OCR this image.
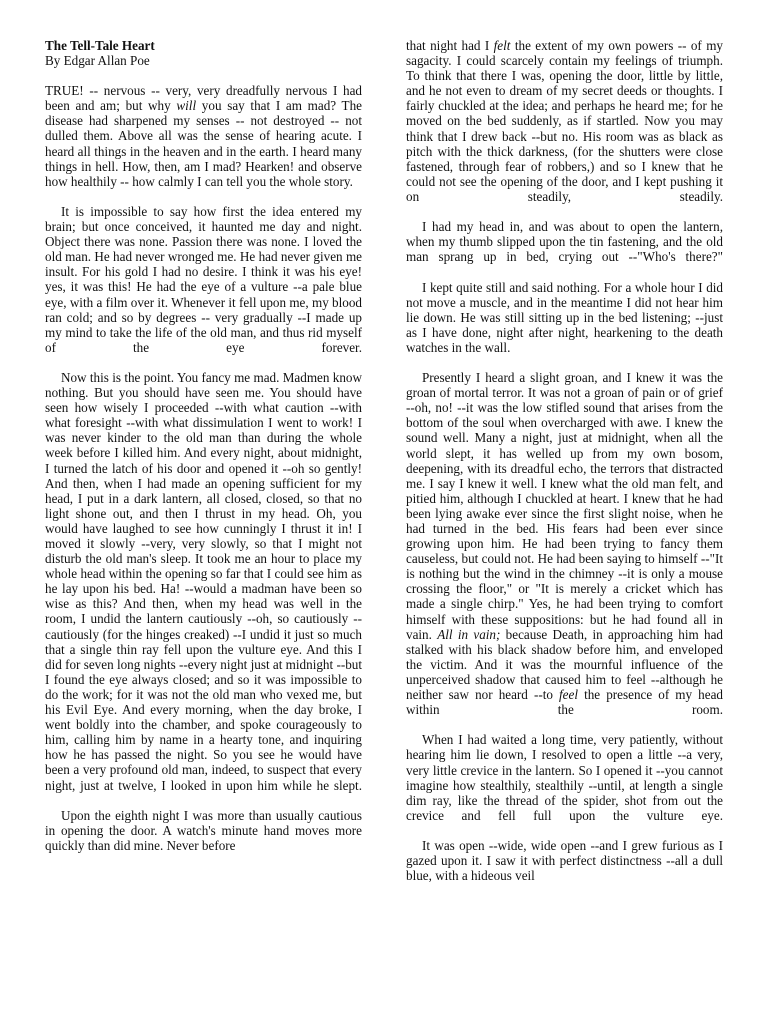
The Tell-Tale Heart
By Edgar Allan Poe

TRUE! -- nervous -- very, very dreadfully nervous I had been and am; but why will you say that I am mad? The disease had sharpened my senses -- not destroyed -- not dulled them. Above all was the sense of hearing acute. I heard all things in the heaven and in the earth. I heard many things in hell. How, then, am I mad? Hearken! and observe how healthily -- how calmly I can tell you the whole story.

It is impossible to say how first the idea entered my brain; but once conceived, it haunted me day and night. Object there was none. Passion there was none. I loved the old man. He had never wronged me. He had never given me insult. For his gold I had no desire. I think it was his eye! yes, it was this! He had the eye of a vulture --a pale blue eye, with a film over it. Whenever it fell upon me, my blood ran cold; and so by degrees -- very gradually --I made up my mind to take the life of the old man, and thus rid myself of the eye forever.

Now this is the point. You fancy me mad. Madmen know nothing. But you should have seen me. You should have seen how wisely I proceeded --with what caution --with what foresight --with what dissimulation I went to work! I was never kinder to the old man than during the whole week before I killed him. And every night, about midnight, I turned the latch of his door and opened it --oh so gently! And then, when I had made an opening sufficient for my head, I put in a dark lantern, all closed, closed, so that no light shone out, and then I thrust in my head. Oh, you would have laughed to see how cunningly I thrust it in! I moved it slowly --very, very slowly, so that I might not disturb the old man's sleep. It took me an hour to place my whole head within the opening so far that I could see him as he lay upon his bed. Ha! --would a madman have been so wise as this? And then, when my head was well in the room, I undid the lantern cautiously --oh, so cautiously --cautiously (for the hinges creaked) --I undid it just so much that a single thin ray fell upon the vulture eye. And this I did for seven long nights --every night just at midnight --but I found the eye always closed; and so it was impossible to do the work; for it was not the old man who vexed me, but his Evil Eye. And every morning, when the day broke, I went boldly into the chamber, and spoke courageously to him, calling him by name in a hearty tone, and inquiring how he has passed the night. So you see he would have been a very profound old man, indeed, to suspect that every night, just at twelve, I looked in upon him while he slept.

Upon the eighth night I was more than usually cautious in opening the door. A watch's minute hand moves more quickly than did mine. Never before

that night had I felt the extent of my own powers -- of my sagacity. I could scarcely contain my feelings of triumph. To think that there I was, opening the door, little by little, and he not even to dream of my secret deeds or thoughts. I fairly chuckled at the idea; and perhaps he heard me; for he moved on the bed suddenly, as if startled. Now you may think that I drew back --but no. His room was as black as pitch with the thick darkness, (for the shutters were close fastened, through fear of robbers,) and so I knew that he could not see the opening of the door, and I kept pushing it on steadily, steadily.

I had my head in, and was about to open the lantern, when my thumb slipped upon the tin fastening, and the old man sprang up in bed, crying out --"Who's there?"

I kept quite still and said nothing. For a whole hour I did not move a muscle, and in the meantime I did not hear him lie down. He was still sitting up in the bed listening; --just as I have done, night after night, hearkening to the death watches in the wall.

Presently I heard a slight groan, and I knew it was the groan of mortal terror. It was not a groan of pain or of grief --oh, no! --it was the low stifled sound that arises from the bottom of the soul when overcharged with awe. I knew the sound well. Many a night, just at midnight, when all the world slept, it has welled up from my own bosom, deepening, with its dreadful echo, the terrors that distracted me. I say I knew it well. I knew what the old man felt, and pitied him, although I chuckled at heart. I knew that he had been lying awake ever since the first slight noise, when he had turned in the bed. His fears had been ever since growing upon him. He had been trying to fancy them causeless, but could not. He had been saying to himself --"It is nothing but the wind in the chimney --it is only a mouse crossing the floor," or "It is merely a cricket which has made a single chirp." Yes, he had been trying to comfort himself with these suppositions: but he had found all in vain. All in vain; because Death, in approaching him had stalked with his black shadow before him, and enveloped the victim. And it was the mournful influence of the unperceived shadow that caused him to feel --although he neither saw nor heard --to feel the presence of my head within the room.

When I had waited a long time, very patiently, without hearing him lie down, I resolved to open a little --a very, very little crevice in the lantern. So I opened it --you cannot imagine how stealthily, stealthily --until, at length a single dim ray, like the thread of the spider, shot from out the crevice and fell full upon the vulture eye.

It was open --wide, wide open --and I grew furious as I gazed upon it. I saw it with perfect distinctness --all a dull blue, with a hideous veil
